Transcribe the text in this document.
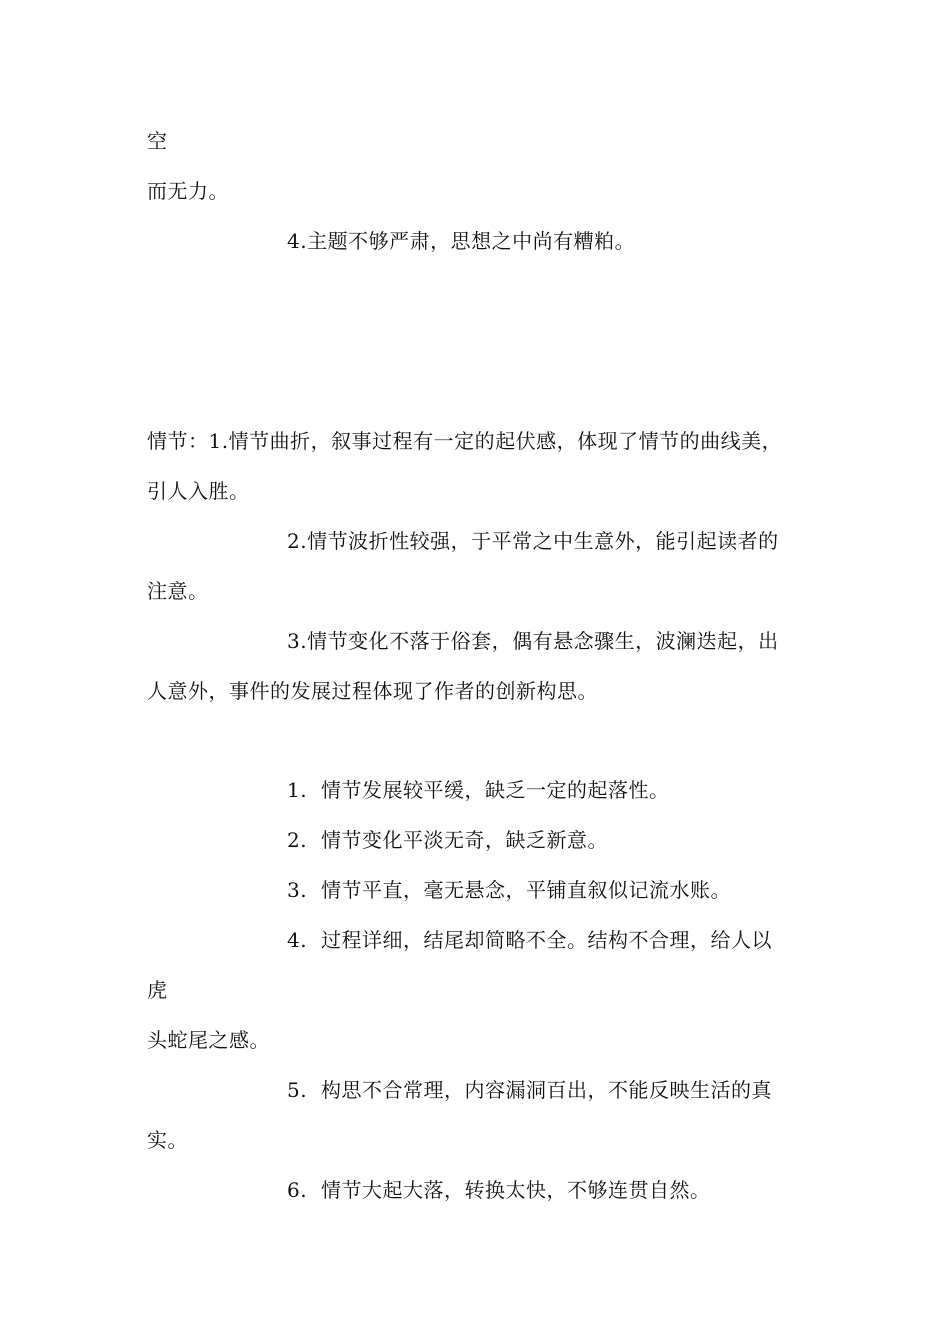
空
而无力。
4.主题不够严肃，思想之中尚有糟粕。
情节：1.情节曲折，叙事过程有一定的起伏感，体现了情节的曲线美，
引人入胜。
2.情节波折性较强，于平常之中生意外，能引起读者的
注意。
3.情节变化不落于俗套，偶有悬念骤生，波澜迭起，出
人意外，事件的发展过程体现了作者的创新构思。
1. 情节发展较平缓，缺乏一定的起落性。
2. 情节变化平淡无奇，缺乏新意。
3. 情节平直，毫无悬念，平铺直叙似记流水账。
4. 过程详细，结尾却简略不全。结构不合理，给人以
虎
头蛇尾之感。
5. 构思不合常理，内容漏洞百出，不能反映生活的真
实。
6. 情节大起大落，转换太快，不够连贯自然。
